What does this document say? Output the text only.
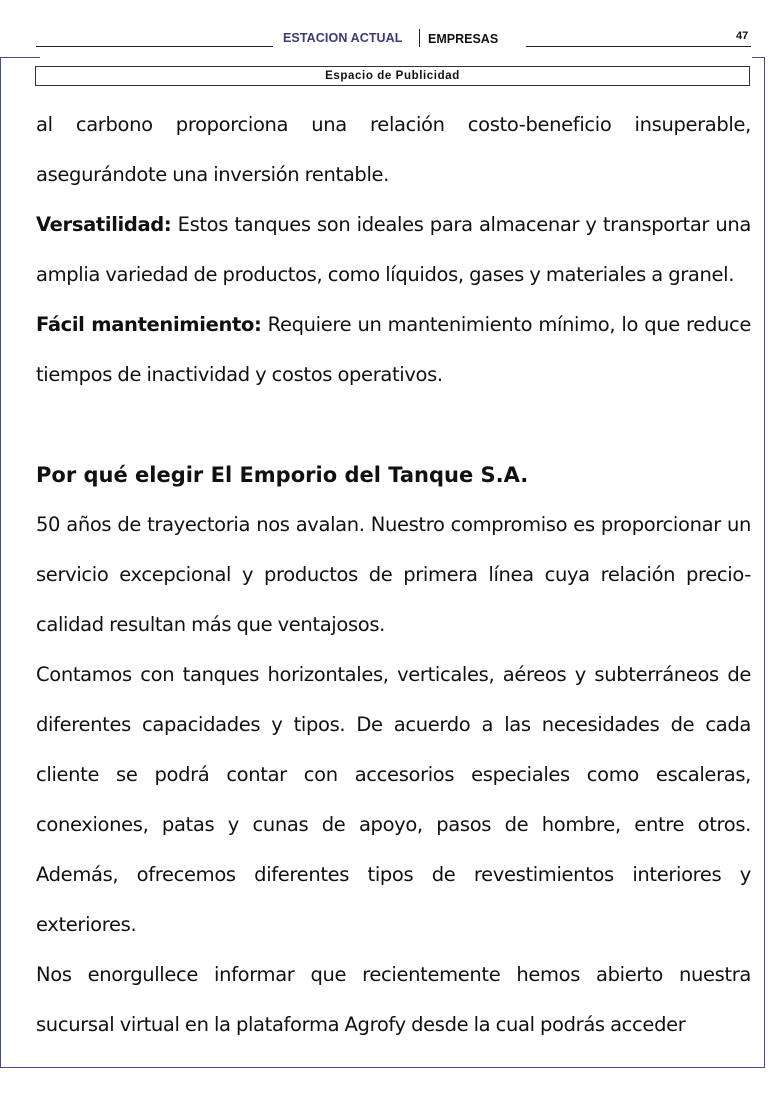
ESTACION ACTUAL EMPRESAS	47
Espacio de Publicidad

al carbono proporciona una relación costo-beneficio insuperable, asegurándote una inversión rentable.

Versatilidad: Estos tanques son ideales para almacenar y transportar una amplia variedad de productos, como líquidos, gases y materiales a granel.

Fácil mantenimiento: Requiere un mantenimiento mínimo, lo que reduce tiempos de inactividad y costos operativos.

Por qué elegir El Emporio del Tanque S.A.

50 años de trayectoria nos avalan. Nuestro compromiso es proporcionar un servicio excepcional y productos de primera línea cuya relación precio-calidad resultan más que ventajosos.

Contamos con tanques horizontales, verticales, aéreos y subterráneos de diferentes capacidades y tipos. De acuerdo a las necesidades de cada cliente se podrá contar con accesorios especiales como escaleras, conexiones, patas y cunas de apoyo, pasos de hombre, entre otros. Además, ofrecemos diferentes tipos de revestimientos interiores y exteriores.

Nos enorgullece informar que recientemente hemos abierto nuestra sucursal virtual en la plataforma Agrofy desde la cual podrás acceder
